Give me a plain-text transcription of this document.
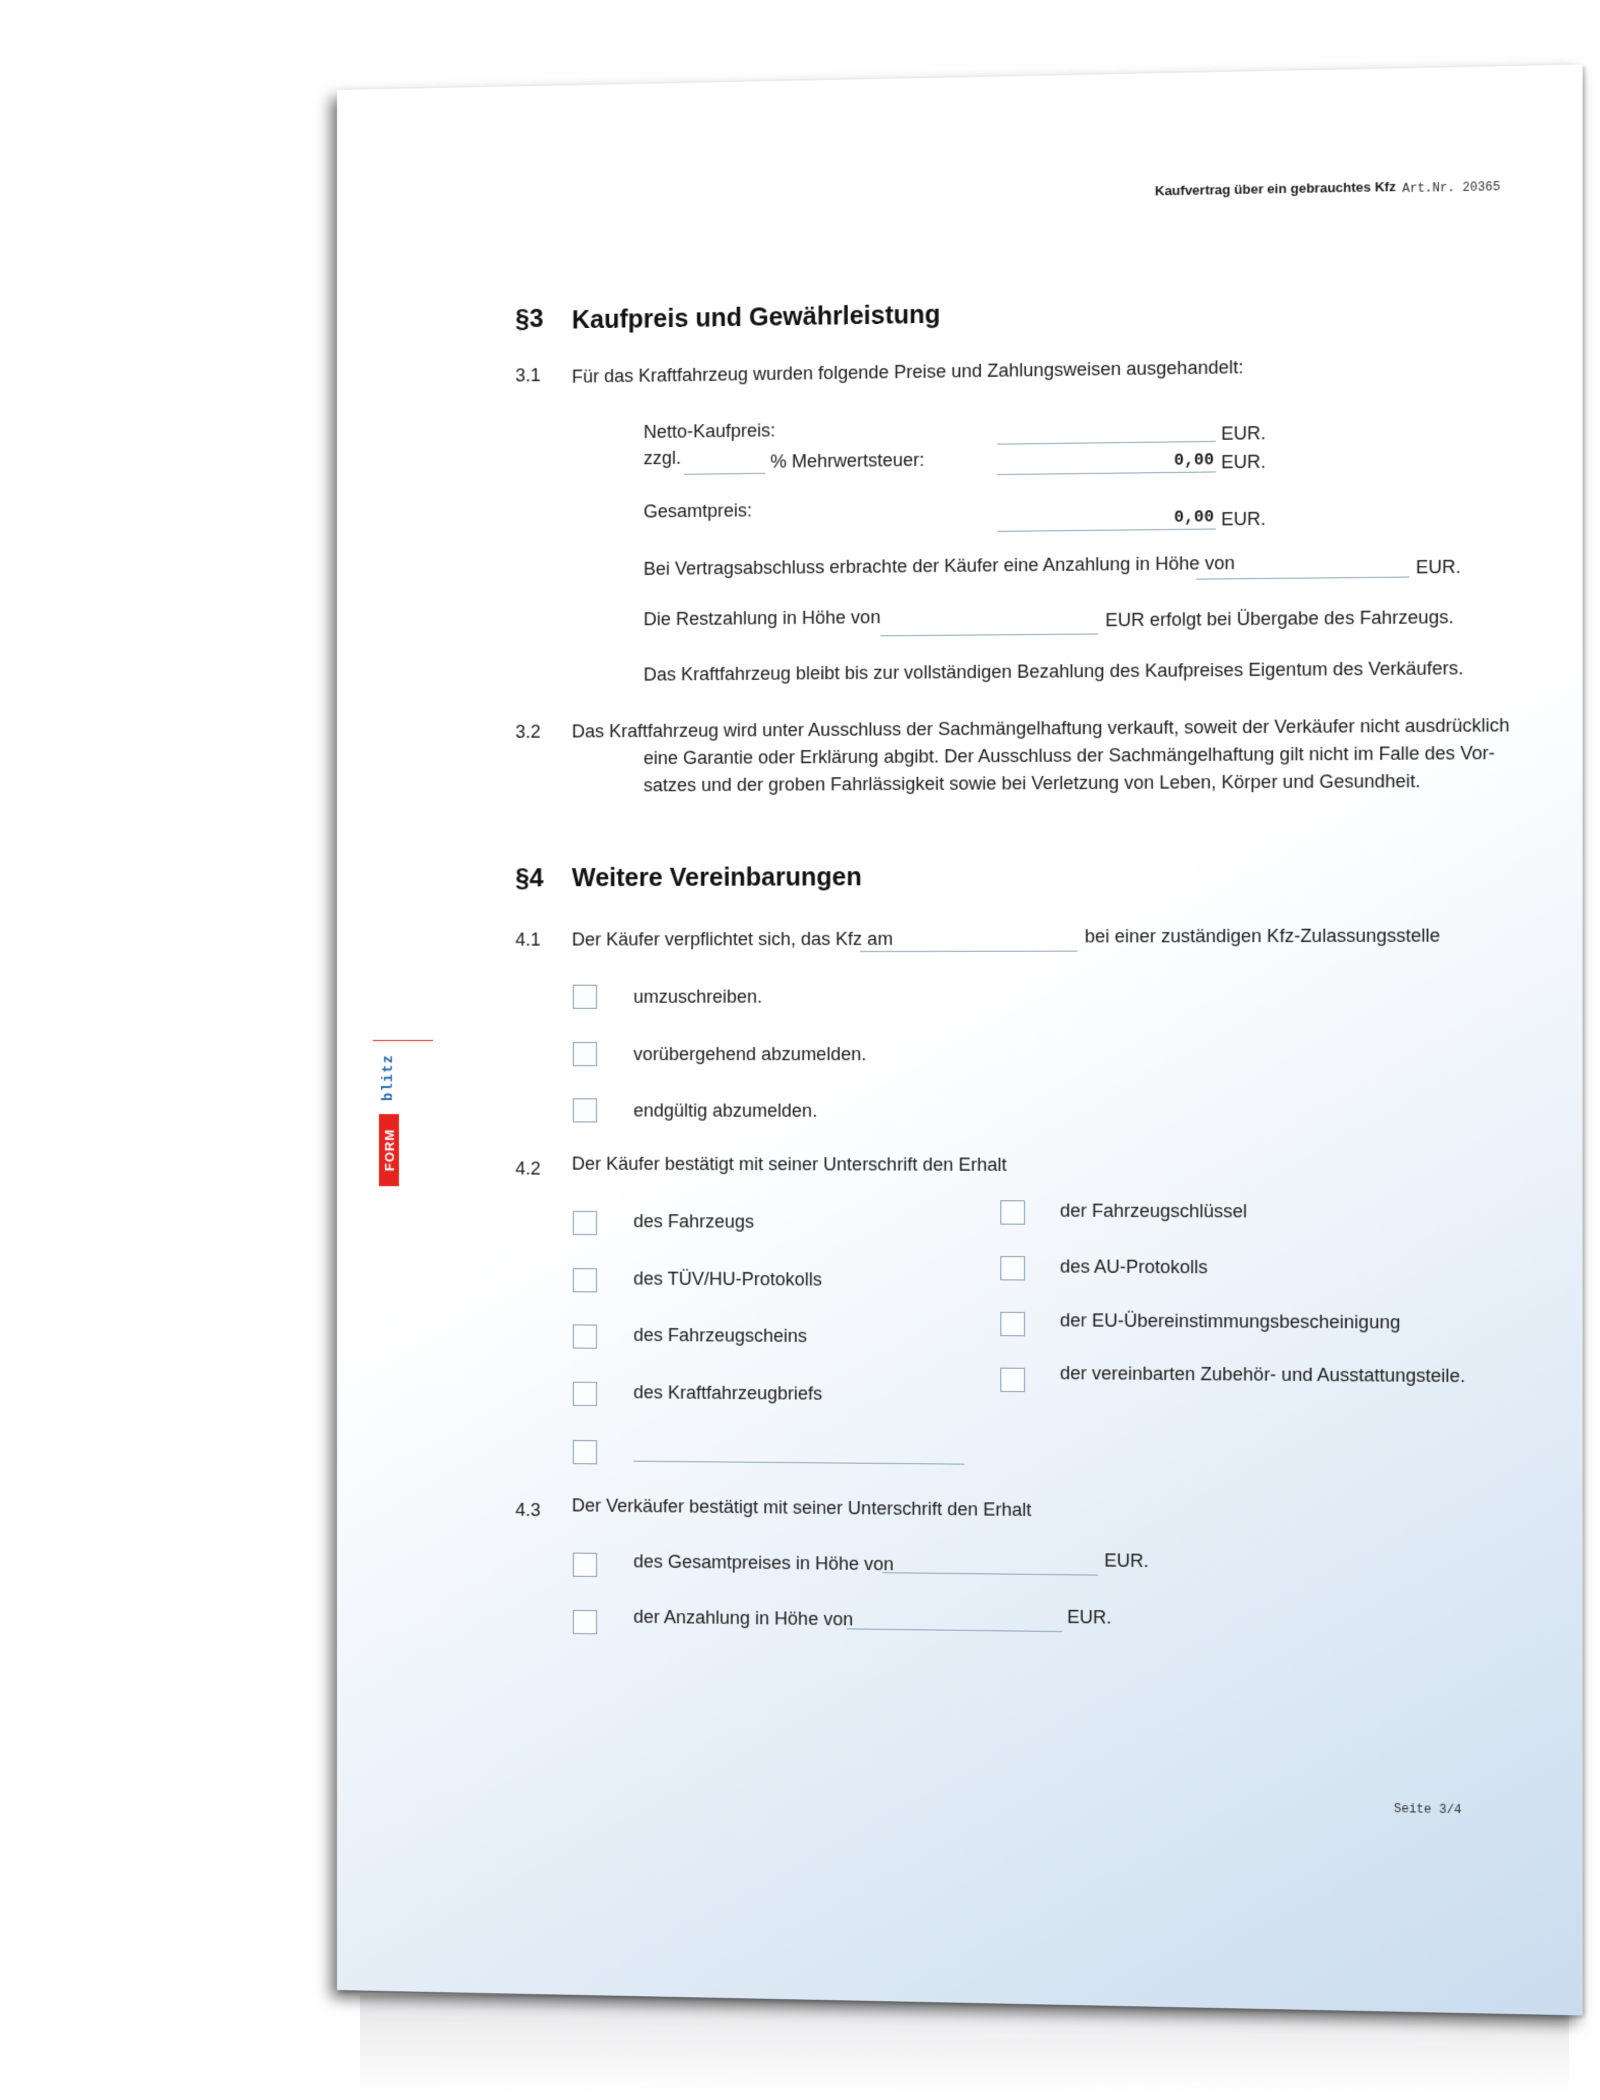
Kaufvertrag über ein gebrauchtes Kfz Art.Nr. 20365
FORM
blitz
§3 Kaufpreis und Gewährleistung
3.1 Für das Kraftfahrzeug wurden folgende Preise und Zahlungsweisen ausgehandelt:
Netto-Kaufpreis:	EUR.
zzgl.	% Mehrwertsteuer:	0,00 EUR.
Gesamtpreis:	0,00 EUR.
Bei Vertragsabschluss erbrachte der Käufer eine Anzahlung in Höhe von	EUR.
Die Restzahlung in Höhe von	EUR erfolgt bei Übergabe des Fahrzeugs.
Das Kraftfahrzeug bleibt bis zur vollständigen Bezahlung des Kaufpreises Eigentum des Verkäufers.
3.2 Das Kraftfahrzeug wird unter Ausschluss der Sachmängelhaftung verkauft, soweit der Verkäufer nicht ausdrücklich
eine Garantie oder Erklärung abgibt. Der Ausschluss der Sachmängelhaftung gilt nicht im Falle des Vor-
satzes und der groben Fahrlässigkeit sowie bei Verletzung von Leben, Körper und Gesundheit.
§4 Weitere Vereinbarungen
4.1 Der Käufer verpflichtet sich, das Kfz am	bei einer zuständigen Kfz-Zulassungsstelle
umzuschreiben.
vorübergehend abzumelden.
endgültig abzumelden.
4.2 Der Käufer bestätigt mit seiner Unterschrift den Erhalt
des Fahrzeugs
des TÜV/HU-Protokolls
des Fahrzeugscheins
des Kraftfahrzeugbriefs
der Fahrzeugschlüssel
des AU-Protokolls
der EU-Übereinstimmungsbescheinigung
der vereinbarten Zubehör- und Ausstattungsteile.
4.3 Der Verkäufer bestätigt mit seiner Unterschrift den Erhalt
des Gesamtpreises in Höhe von	EUR.
der Anzahlung in Höhe von	EUR.
Seite 3/4
